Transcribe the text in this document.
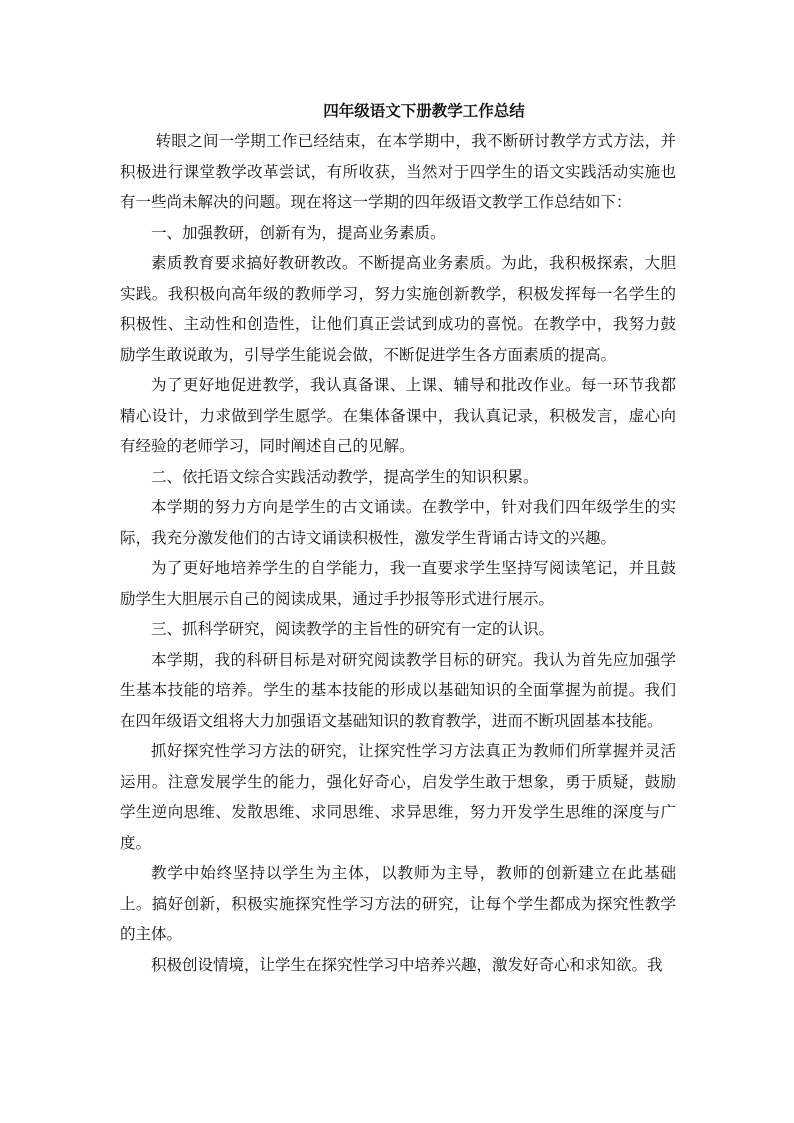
四年级语文下册教学工作总结

转眼之间一学期工作已经结束，在本学期中，我不断研讨教学方式方法，并积极进行课堂教学改革尝试，有所收获，当然对于四学生的语文实践活动实施也有一些尚未解决的问题。现在将这一学期的四年级语文教学工作总结如下：

一、加强教研，创新有为，提高业务素质。

素质教育要求搞好教研教改。不断提高业务素质。为此，我积极探索，大胆实践。我积极向高年级的教师学习，努力实施创新教学，积极发挥每一名学生的积极性、主动性和创造性，让他们真正尝试到成功的喜悦。在教学中，我努力鼓励学生敢说敢为，引导学生能说会做，不断促进学生各方面素质的提高。

为了更好地促进教学，我认真备课、上课、辅导和批改作业。每一环节我都精心设计，力求做到学生愿学。在集体备课中，我认真记录，积极发言，虚心向有经验的老师学习，同时阐述自己的见解。

二、依托语文综合实践活动教学，提高学生的知识积累。

本学期的努力方向是学生的古文诵读。在教学中，针对我们四年级学生的实际，我充分激发他们的古诗文诵读积极性，激发学生背诵古诗文的兴趣。

为了更好地培养学生的自学能力，我一直要求学生坚持写阅读笔记，并且鼓励学生大胆展示自己的阅读成果，通过手抄报等形式进行展示。

三、抓科学研究，阅读教学的主旨性的研究有一定的认识。

本学期，我的科研目标是对研究阅读教学目标的研究。我认为首先应加强学生基本技能的培养。学生的基本技能的形成以基础知识的全面掌握为前提。我们在四年级语文组将大力加强语文基础知识的教育教学，进而不断巩固基本技能。

抓好探究性学习方法的研究，让探究性学习方法真正为教师们所掌握并灵活运用。注意发展学生的能力，强化好奇心，启发学生敢于想象，勇于质疑，鼓励学生逆向思维、发散思维、求同思维、求异思维，努力开发学生思维的深度与广度。

教学中始终坚持以学生为主体，以教师为主导，教师的创新建立在此基础上。搞好创新，积极实施探究性学习方法的研究，让每个学生都成为探究性教学的主体。

积极创设情境，让学生在探究性学习中培养兴趣，激发好奇心和求知欲。我
